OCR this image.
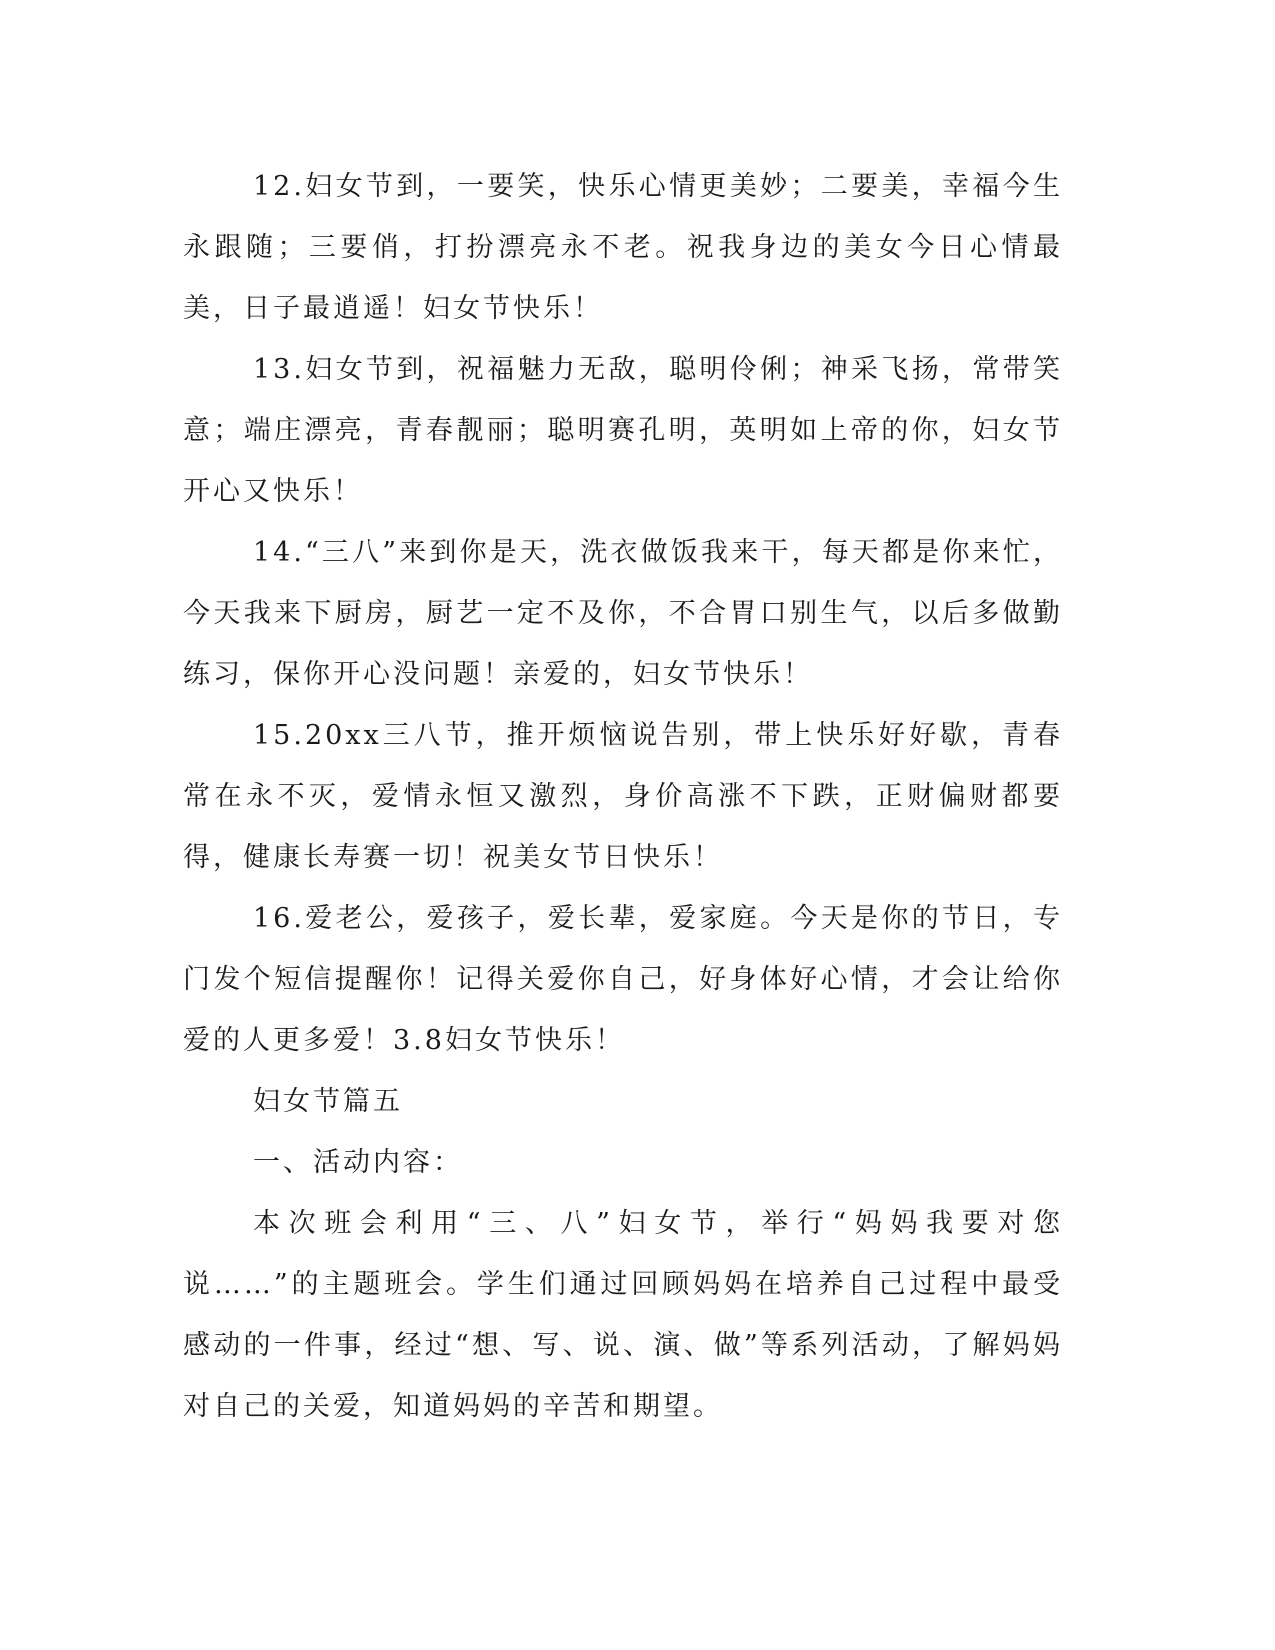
12.妇女节到，一要笑，快乐心情更美妙；二要美，幸福今生永跟随；三要俏，打扮漂亮永不老。祝我身边的美女今日心情最美，日子最逍遥！妇女节快乐！

13.妇女节到，祝福魅力无敌，聪明伶俐；神采飞扬，常带笑意；端庄漂亮，青春靓丽；聪明赛孔明，英明如上帝的你，妇女节开心又快乐！

14.“三八”来到你是天，洗衣做饭我来干，每天都是你来忙，今天我来下厨房，厨艺一定不及你，不合胃口别生气，以后多做勤练习，保你开心没问题！亲爱的，妇女节快乐！

15.20xx三八节，推开烦恼说告别，带上快乐好好歇，青春常在永不灭，爱情永恒又激烈，身价高涨不下跌，正财偏财都要得，健康长寿赛一切！祝美女节日快乐！

16.爱老公，爱孩子，爱长辈，爱家庭。今天是你的节日，专门发个短信提醒你！记得关爱你自己，好身体好心情，才会让给你爱的人更多爱！3.8妇女节快乐！

妇女节篇五

一、活动内容：

本次班会利用“三、八”妇女节，举行“妈妈我要对您说……”的主题班会。学生们通过回顾妈妈在培养自己过程中最受感动的一件事，经过“想、写、说、演、做”等系列活动，了解妈妈对自己的关爱，知道妈妈的辛苦和期望。
